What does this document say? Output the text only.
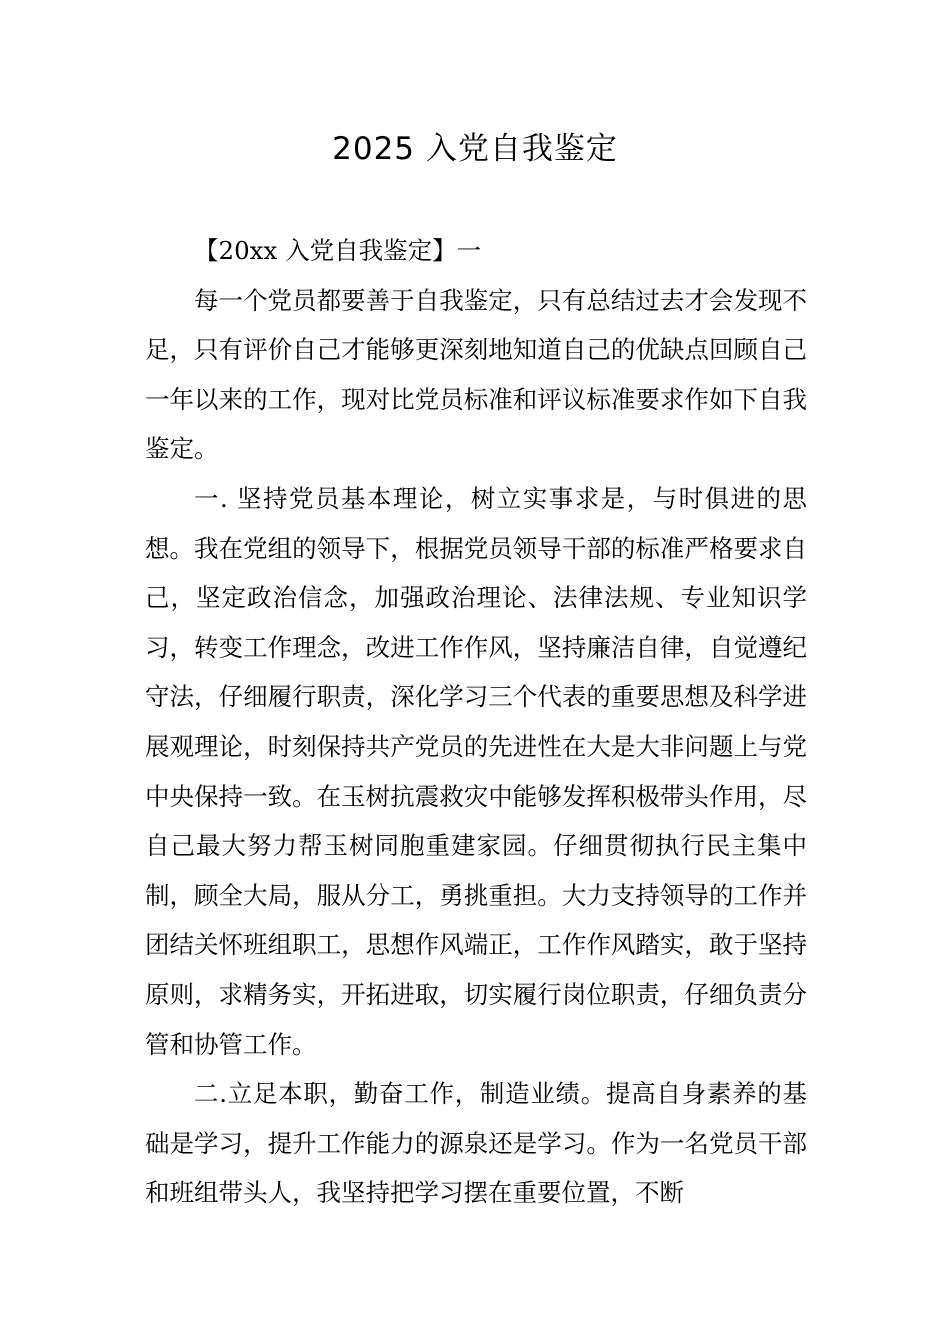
2025 入党自我鉴定

【20xx 入党自我鉴定】一

每一个党员都要善于自我鉴定，只有总结过去才会发现不足，只有评价自己才能够更深刻地知道自己的优缺点回顾自己一年以来的工作，现对比党员标准和评议标准要求作如下自我鉴定。

一. 坚持党员基本理论，树立实事求是，与时俱进的思想。我在党组的领导下，根据党员领导干部的标准严格要求自己，坚定政治信念，加强政治理论、法律法规、专业知识学习，转变工作理念，改进工作作风，坚持廉洁自律，自觉遵纪守法，仔细履行职责，深化学习三个代表的重要思想及科学进展观理论，时刻保持共产党员的先进性在大是大非问题上与党中央保持一致。在玉树抗震救灾中能够发挥积极带头作用，尽自己最大努力帮玉树同胞重建家园。仔细贯彻执行民主集中制，顾全大局，服从分工，勇挑重担。大力支持领导的工作并团结关怀班组职工，思想作风端正，工作作风踏实，敢于坚持原则，求精务实，开拓进取，切实履行岗位职责，仔细负责分管和协管工作。

二.立足本职，勤奋工作，制造业绩。提高自身素养的基础是学习，提升工作能力的源泉还是学习。作为一名党员干部和班组带头人，我坚持把学习摆在重要位置，不断
